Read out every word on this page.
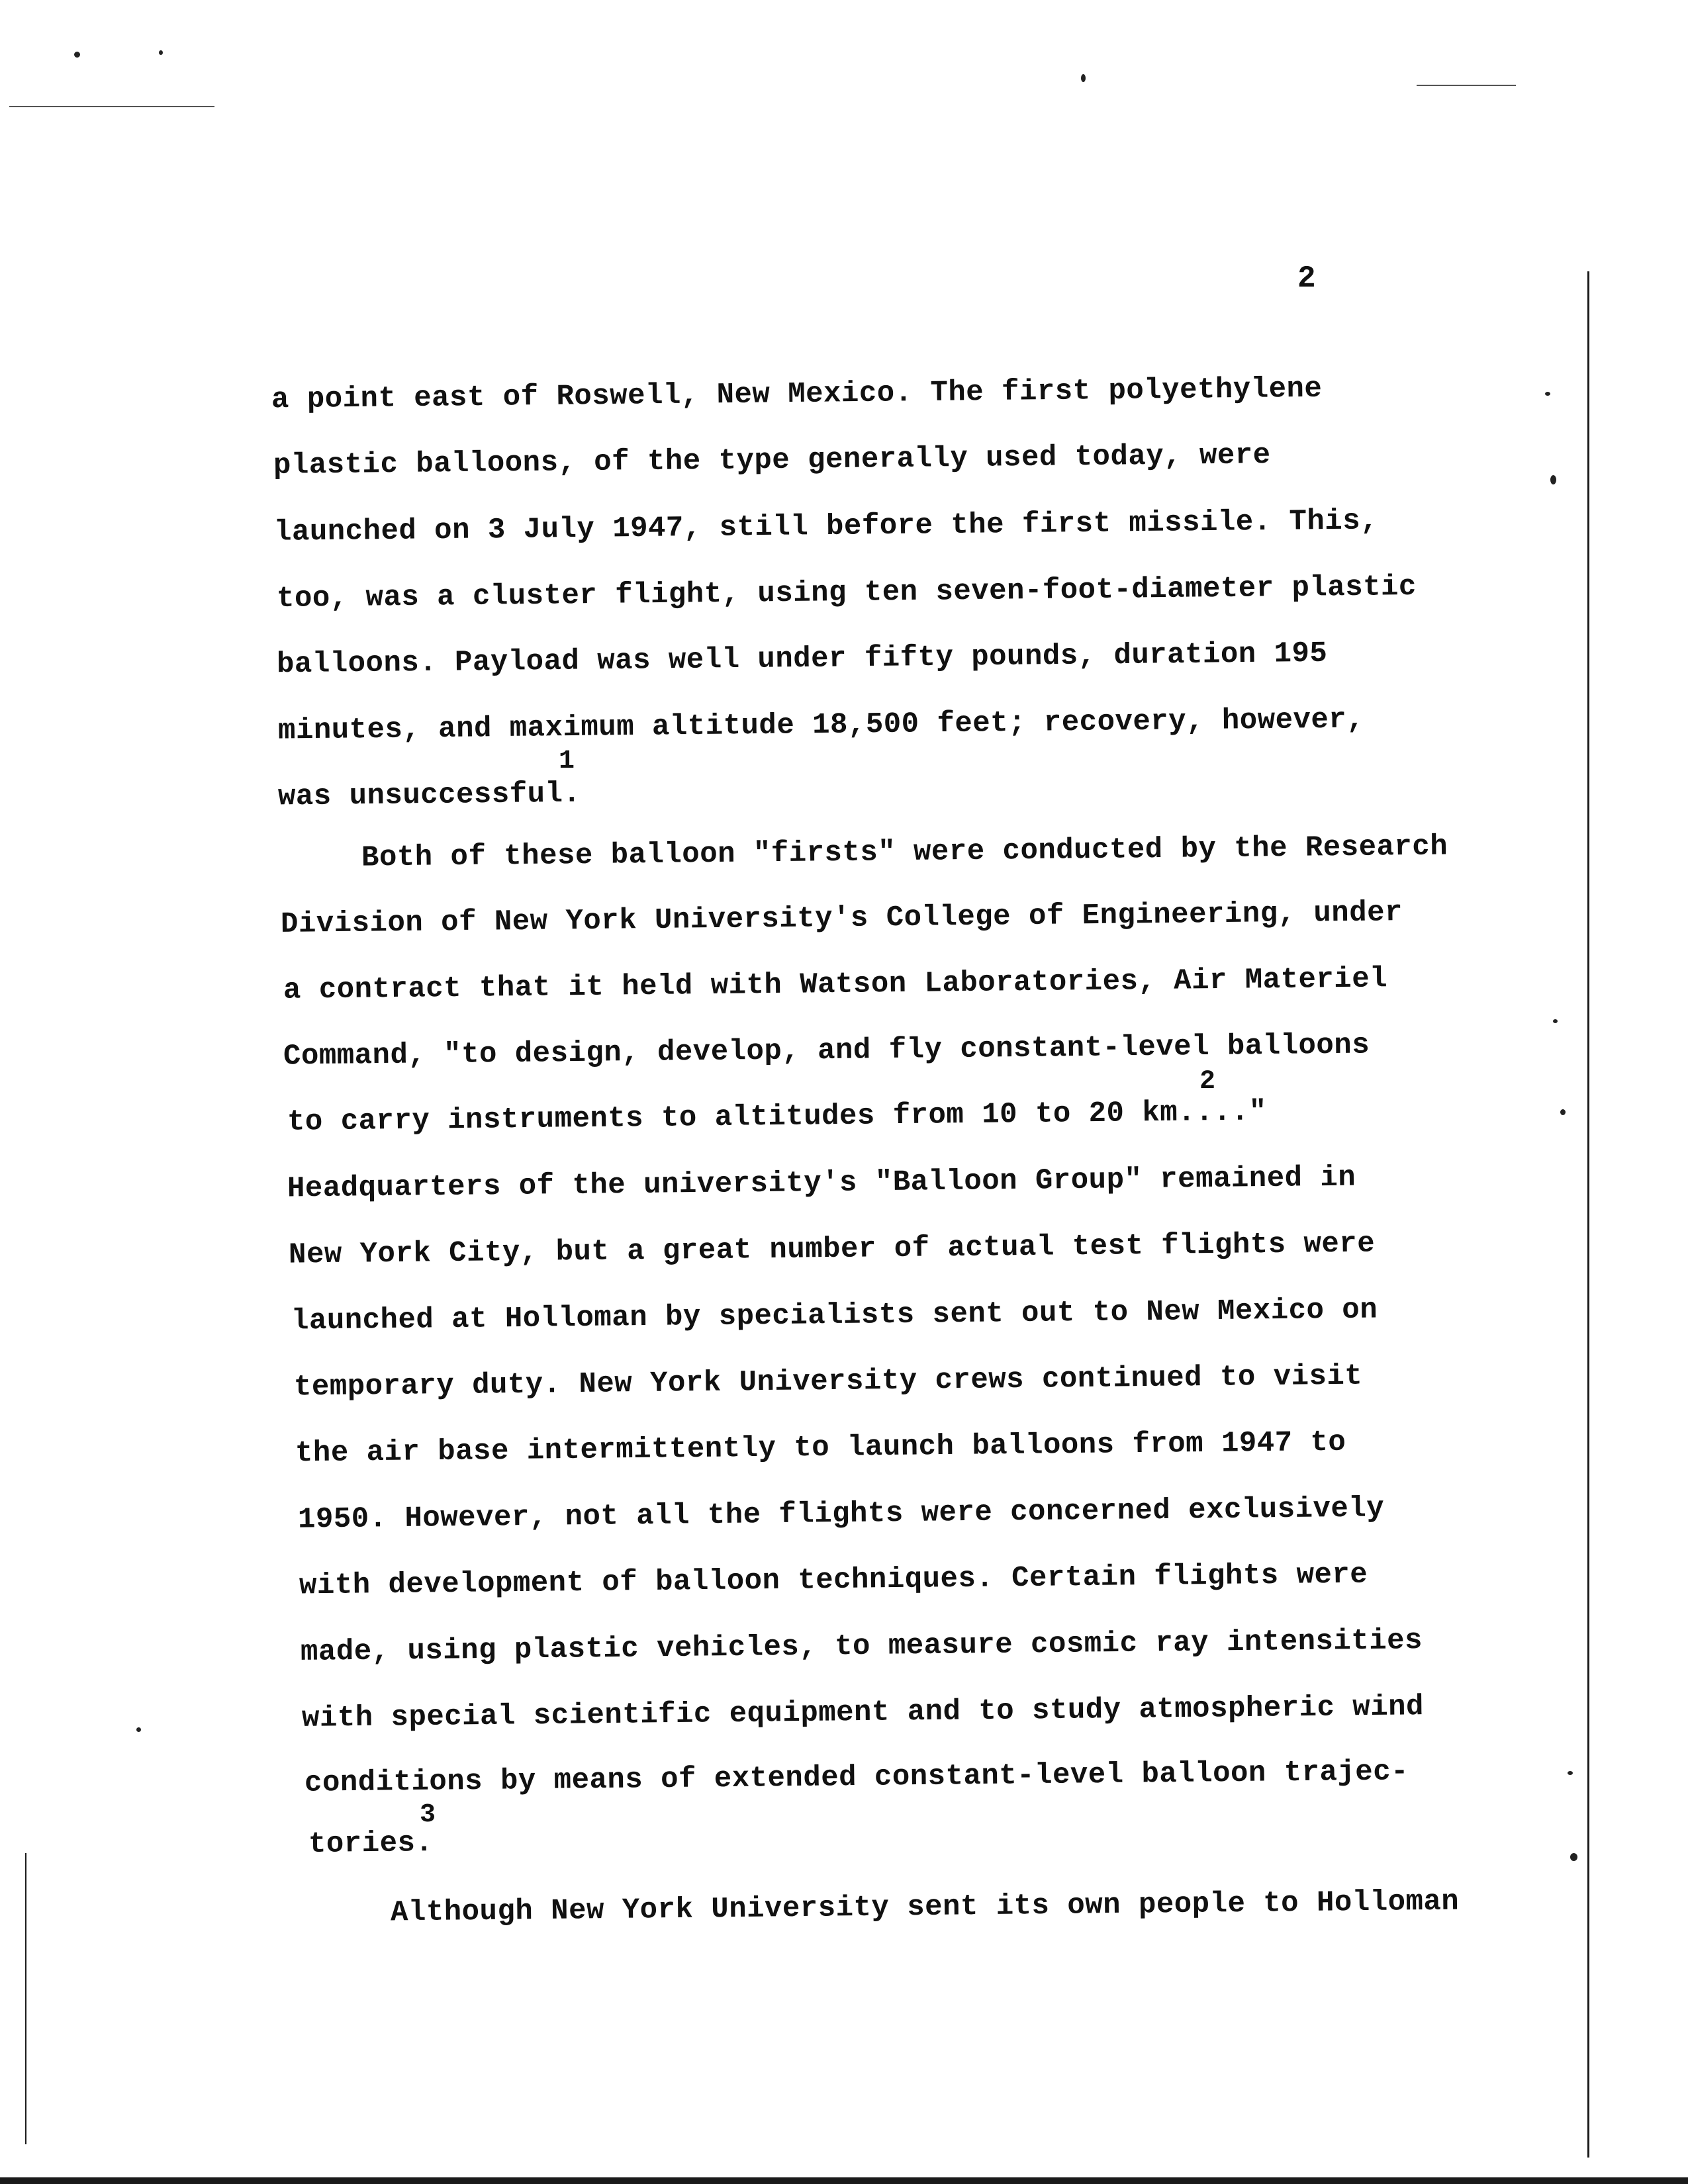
2
a point east of Roswell, New Mexico. The first polyethylene
plastic balloons, of the type generally used today, were
launched on 3 July 1947, still before the first missile. This,
too, was a cluster flight, using ten seven-foot-diameter plastic
balloons. Payload was well under fifty pounds, duration 195
minutes, and maximum altitude 18,500 feet; recovery, however,
was unsuccessful.
1
Both of these balloon "firsts" were conducted by the Research
Division of New York University's College of Engineering, under
a contract that it held with Watson Laboratories, Air Materiel
Command, "to design, develop, and fly constant-level balloons
to carry instruments to altitudes from 10 to 20 km...."
2
Headquarters of the university's "Balloon Group" remained in
New York City, but a great number of actual test flights were
launched at Holloman by specialists sent out to New Mexico on
temporary duty. New York University crews continued to visit
the air base intermittently to launch balloons from 1947 to
1950. However, not all the flights were concerned exclusively
with development of balloon techniques. Certain flights were
made, using plastic vehicles, to measure cosmic ray intensities
with special scientific equipment and to study atmospheric wind
conditions by means of extended constant-level balloon trajec-
tories.
3
Although New York University sent its own people to Holloman
